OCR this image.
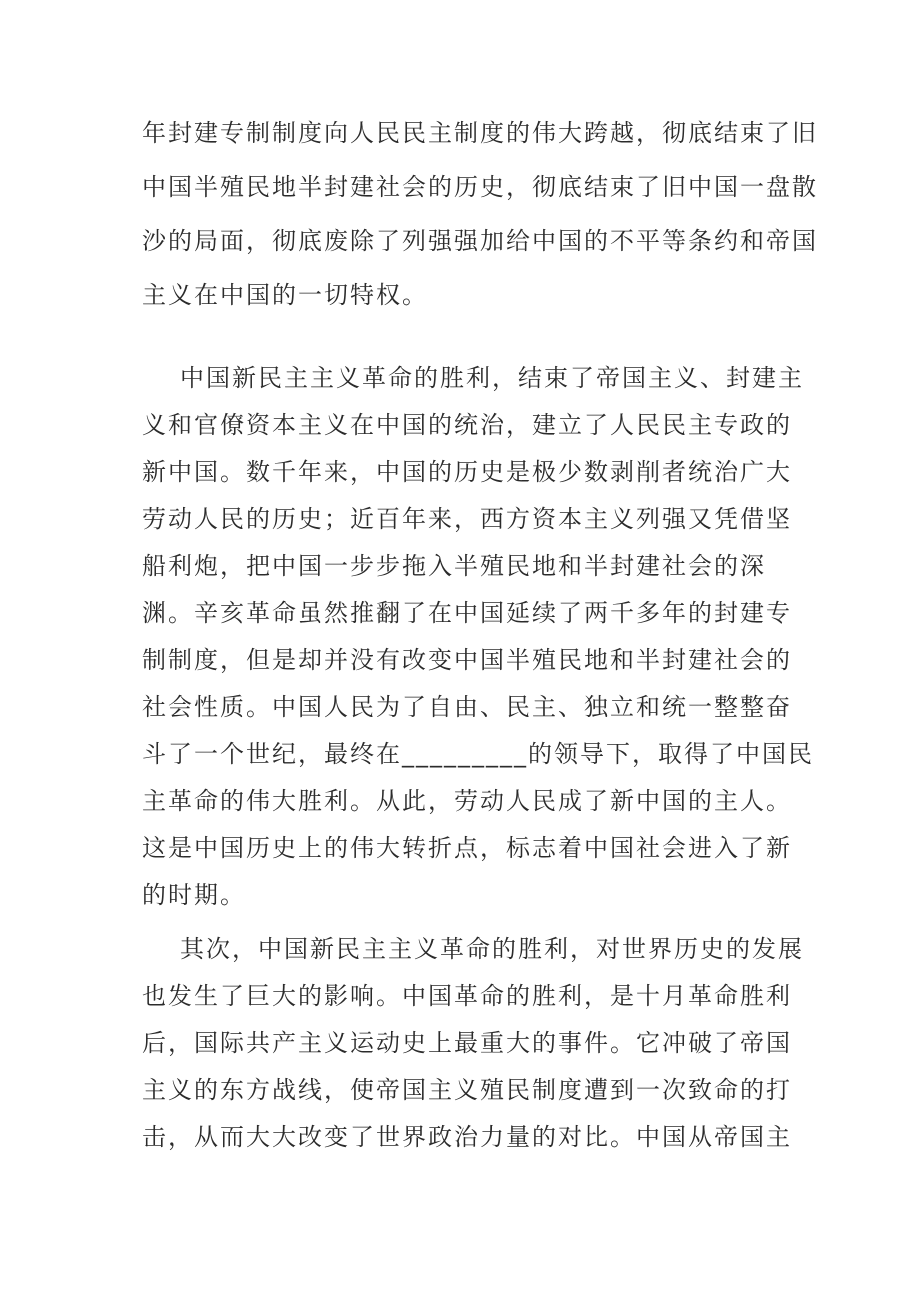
年封建专制制度向人民民主制度的伟大跨越，彻底结束了旧
中国半殖民地半封建社会的历史，彻底结束了旧中国一盘散
沙的局面，彻底废除了列强强加给中国的不平等条约和帝国
主义在中国的一切特权。
中国新民主主义革命的胜利，结束了帝国主义、封建主
义和官僚资本主义在中国的统治，建立了人民民主专政的
新中国。数千年来，中国的历史是极少数剥削者统治广大
劳动人民的历史；近百年来，西方资本主义列强又凭借坚
船利炮，把中国一步步拖入半殖民地和半封建社会的深
渊。辛亥革命虽然推翻了在中国延续了两千多年的封建专
制制度，但是却并没有改变中国半殖民地和半封建社会的
社会性质。中国人民为了自由、民主、独立和统一整整奋
斗了一个世纪，最终在_________的领导下，取得了中国民
主革命的伟大胜利。从此，劳动人民成了新中国的主人。
这是中国历史上的伟大转折点，标志着中国社会进入了新
的时期。
其次，中国新民主主义革命的胜利，对世界历史的发展
也发生了巨大的影响。中国革命的胜利，是十月革命胜利
后，国际共产主义运动史上最重大的事件。它冲破了帝国
主义的东方战线，使帝国主义殖民制度遭到一次致命的打
击，从而大大改变了世界政治力量的对比。中国从帝国主
